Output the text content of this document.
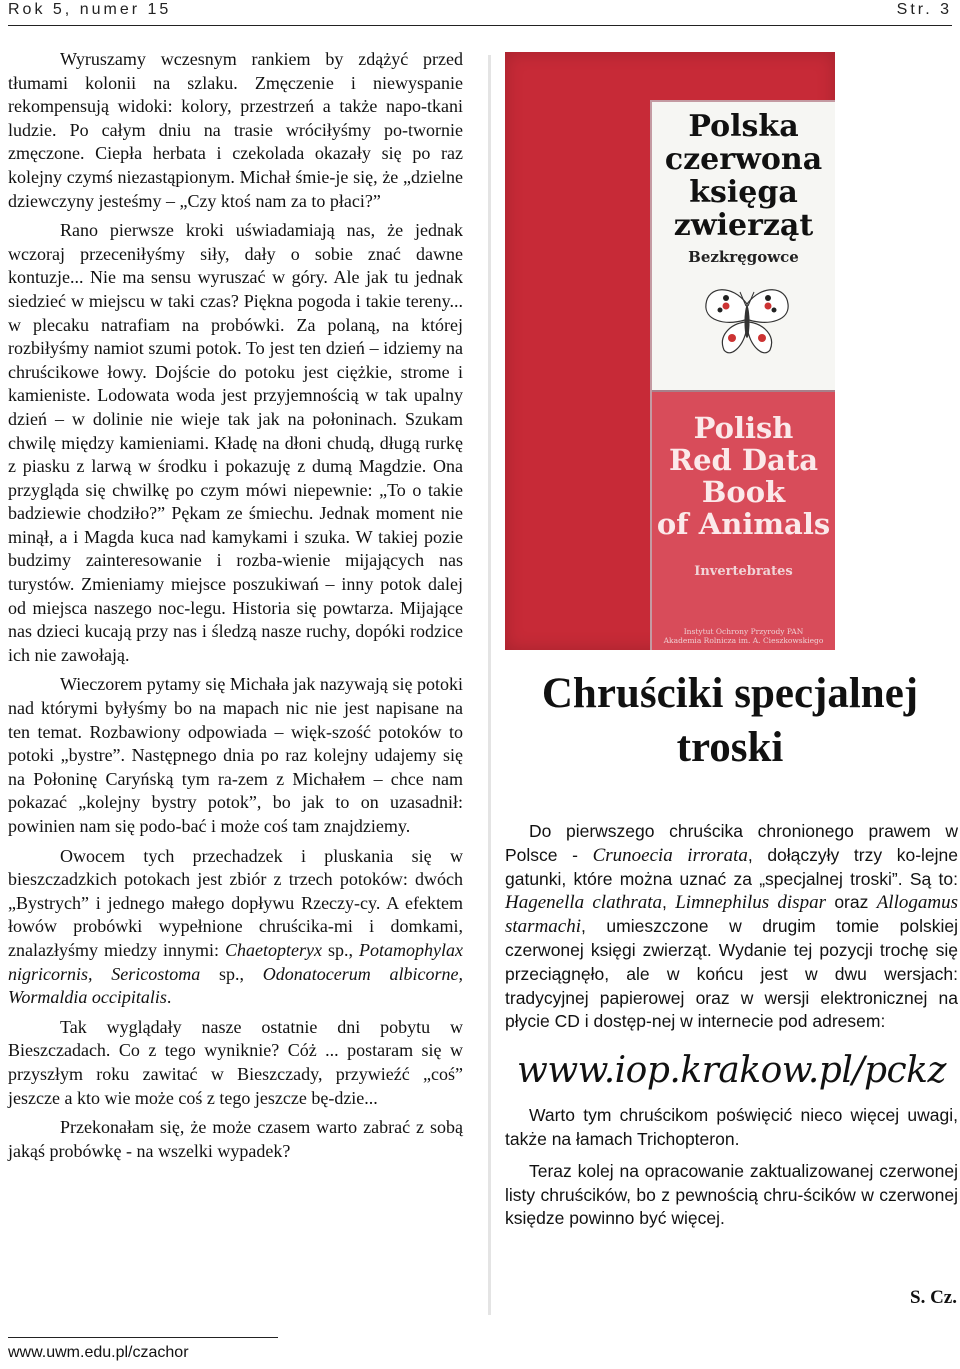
Rok 5, numer 15	Str. 3

Wyruszamy wczesnym rankiem by zdążyć przed tłumami kolonii na szlaku. Zmęczenie i niewyspanie rekompensują widoki: kolory, przestrzeń a także napo-tkani ludzie. Po całym dniu na trasie wróciłyśmy po-twornie zmęczone. Ciepła herbata i czekolada okazały się po raz kolejny czymś niezastąpionym. Michał śmie-je się, że „dzielne dziewczyny jesteśmy – „Czy ktoś nam za to płaci?”

Rano pierwsze kroki uświadamiają nas, że jednak wczoraj przeceniłyśmy siły, dały o sobie znać dawne kontuzje... Nie ma sensu wyruszać w góry. Ale jak tu jednak siedzieć w miejscu w taki czas? Piękna pogoda i takie tereny... w plecaku natrafiam na probówki. Za polaną, na której rozbiłyśmy namiot szumi potok. To jest ten dzień – idziemy na chruścikowe łowy. Dojście do potoku jest ciężkie, strome i kamieniste. Lodowata woda jest przyjemnością w tak upalny dzień – w dolinie nie wieje tak jak na połoninach. Szukam chwilę między kamieniami. Kładę na dłoni chudą, długą rurkę z piasku z larwą w środku i pokazuję z dumą Magdzie. Ona przygląda się chwilkę po czym mówi niepewnie: „To o takie badziewie chodziło?” Pękam ze śmiechu. Jednak moment nie minął, a i Magda kuca nad kamykami i szuka. W takiej pozie budzimy zainteresowanie i rozba-wienie mijających nas turystów. Zmieniamy miejsce poszukiwań – inny potok dalej od miejsca naszego noc-legu. Historia się powtarza. Mijające nas dzieci kucają przy nas i śledzą nasze ruchy, dopóki rodzice ich nie zawołają.

Wieczorem pytamy się Michała jak nazywają się potoki nad którymi byłyśmy bo na mapach nic nie jest napisane na ten temat. Rozbawiony odpowiada – więk-szość potoków to potoki „bystre”. Następnego dnia po raz kolejny udajemy się na Połoninę Caryńską tym ra-zem z Michałem – chce nam pokazać „kolejny bystry potok”, bo jak to on uzasadnił: powinien nam się podo-bać i może coś tam znajdziemy.

Owocem tych przechadzek i pluskania się w bieszczadzkich potokach jest zbiór z trzech potoków: dwóch „Bystrych” i jednego małego dopływu Rzeczy-cy. A efektem łowów probówki wypełnione chruścika-mi i domkami, znalazłyśmy miedzy innymi: Chaetopteryx sp., Potamophylax nigricornis, Sericostoma sp., Odonatocerum albicorne, Wormaldia occipitalis.

Tak wyglądały nasze ostatnie dni pobytu w Bieszczadach. Co z tego wyniknie? Cóż ... postaram się w przyszłym roku zawitać w Bieszczady, przywieźć „coś” jeszcze a kto wie może coś z tego jeszcze bę-dzie...

Przekonałam się, że może czasem warto zabrać z sobą jakąś probówkę - na wszelki wypadek?

Polska
czerwona
księga
zwierząt
Bezkręgowce
Polish
Red Data
Book
of Animals
Invertebrates
Instytut Ochrony Przyrody PAN
Akademia Rolnicza im. A. Cieszkowskiego
Chruściki specjalnej troski

Do pierwszego chruścika chronionego prawem w Polsce - Crunoecia irrorata, dołączyły trzy ko-lejne gatunki, które można uznać za „specjalnej troski”. Są to: Hagenella clathrata, Limnephilus dispar oraz Allogamus starmachi, umieszczone w drugim tomie polskiej czerwonej księgi zwierząt. Wydanie tej pozycji trochę się przeciągnęło, ale w końcu jest w dwu wersjach: tradycyjnej papierowej oraz w wersji elektronicznej na płycie CD i dostęp-nej w internecie pod adresem:

www.iop.krakow.pl/pckz

Warto tym chruścikom poświęcić nieco więcej uwagi, także na łamach Trichopteron.

Teraz kolej na opracowanie zaktualizowanej czerwonej listy chruścików, bo z pewnością chru-ścików w czerwonej księdze powinno być więcej.

S. Cz.
www.uwm.edu.pl/czachor
